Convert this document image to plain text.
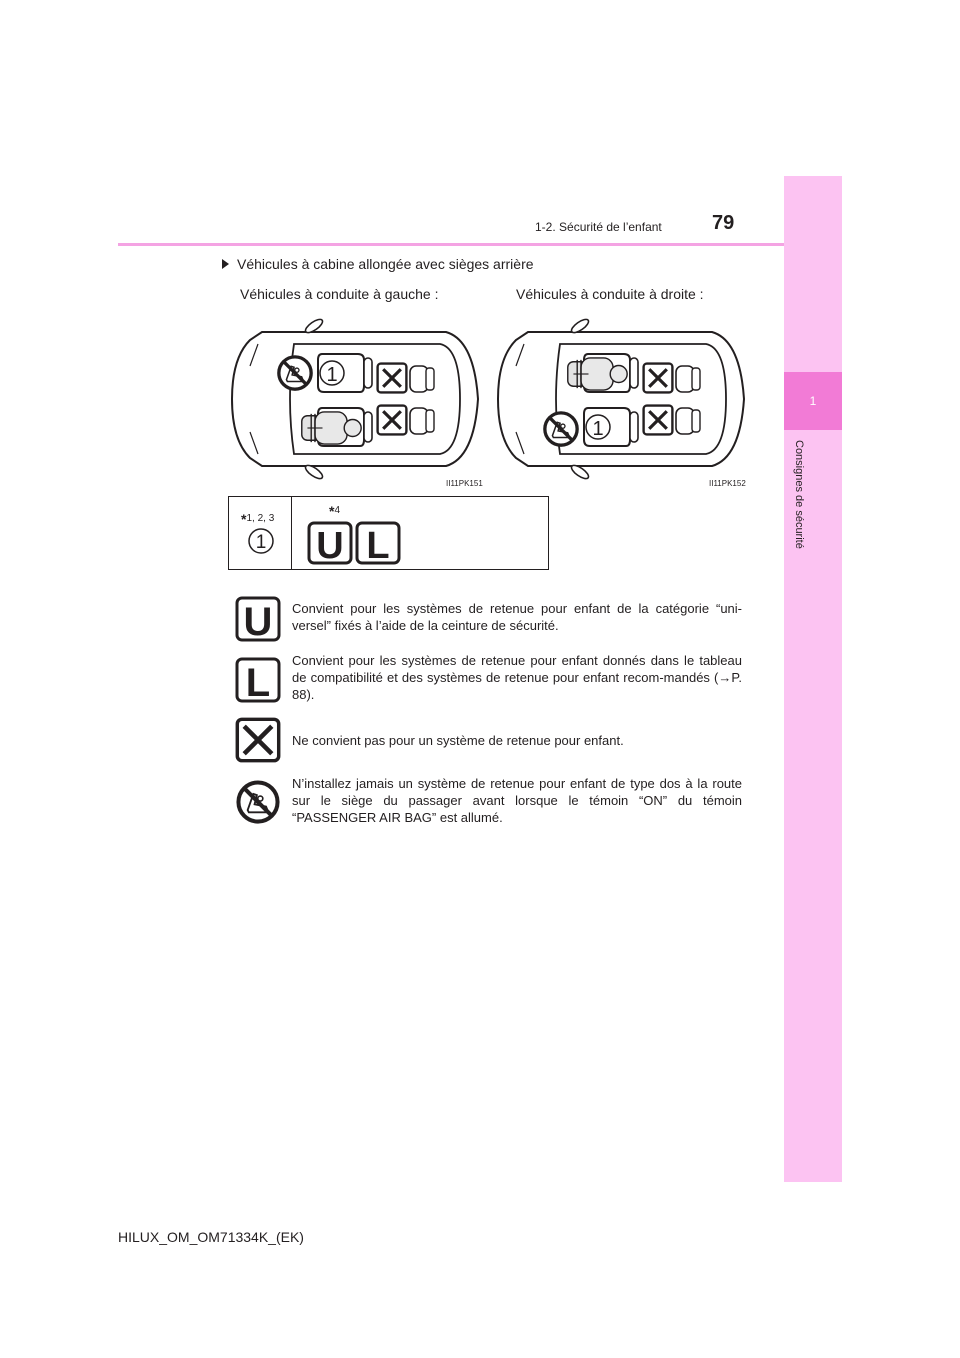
1
Consignes de sécurité
1-2. Sécurité de l’enfant	79
Véhicules à cabine allongée avec sièges arrière
Véhicules à conduite à gauche :	Véhicules à conduite à droite :
1
II11PK151
1
II11PK152
*1, 2, 3
1
*4
U L
U Convient pour les systèmes de retenue pour enfant de la catégorie “uni-versel” fixés à l’aide de la ceinture de sécurité.
L
Convient pour les systèmes de retenue pour enfant donnés dans le tableau de compatibilité et des systèmes de retenue pour enfant recom-mandés (→P. 88).
Ne convient pas pour un système de retenue pour enfant.
N’installez jamais un système de retenue pour enfant de type dos à la route sur le siège du passager avant lorsque le témoin “ON” du témoin “PASSENGER AIR BAG” est allumé.
HILUX_OM_OM71334K_(EK)
